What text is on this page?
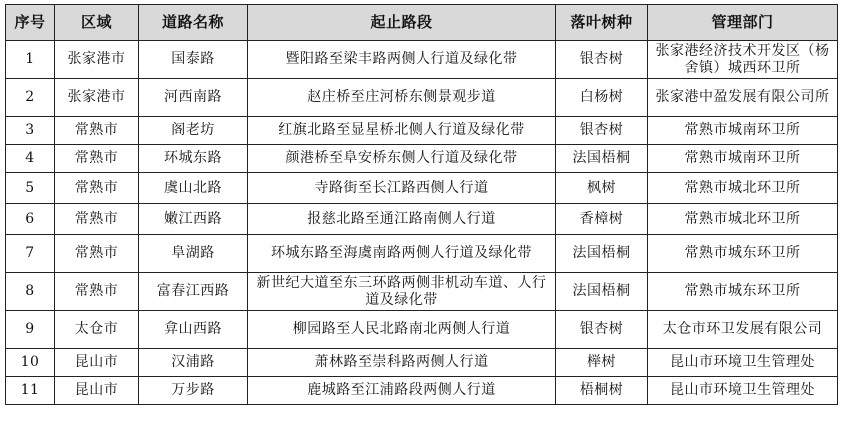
序号	区域	道路名称	起止路段	落叶树种	管理部门
1	张家港市	国泰路	暨阳路至梁丰路两侧人行道及绿化带	银杏树	张家港经济技术开发区（杨舍镇）城西环卫所
2	张家港市	河西南路	赵庄桥至庄河桥东侧景观步道	白杨树	张家港中盈发展有限公司所
3	常熟市	阁老坊	红旗北路至显星桥北侧人行道及绿化带	银杏树	常熟市城南环卫所
4	常熟市	环城东路	颜港桥至阜安桥东侧人行道及绿化带	法国梧桐	常熟市城南环卫所
5	常熟市	虞山北路	寺路街至长江路西侧人行道	枫树	常熟市城北环卫所
6	常熟市	嫩江西路	报慈北路至通江路南侧人行道	香樟树	常熟市城北环卫所
7	常熟市	阜湖路	环城东路至海虞南路两侧人行道及绿化带	法国梧桐	常熟市城东环卫所
8	常熟市	富春江西路	新世纪大道至东三环路两侧非机动车道、人行道及绿化带	法国梧桐	常熟市城东环卫所
9	太仓市	弇山西路	柳园路至人民北路南北两侧人行道	银杏树	太仓市环卫发展有限公司
10	昆山市	汉浦路	萧林路至崇科路两侧人行道	榉树	昆山市环境卫生管理处
11	昆山市	万步路	鹿城路至江浦路段两侧人行道	梧桐树	昆山市环境卫生管理处
